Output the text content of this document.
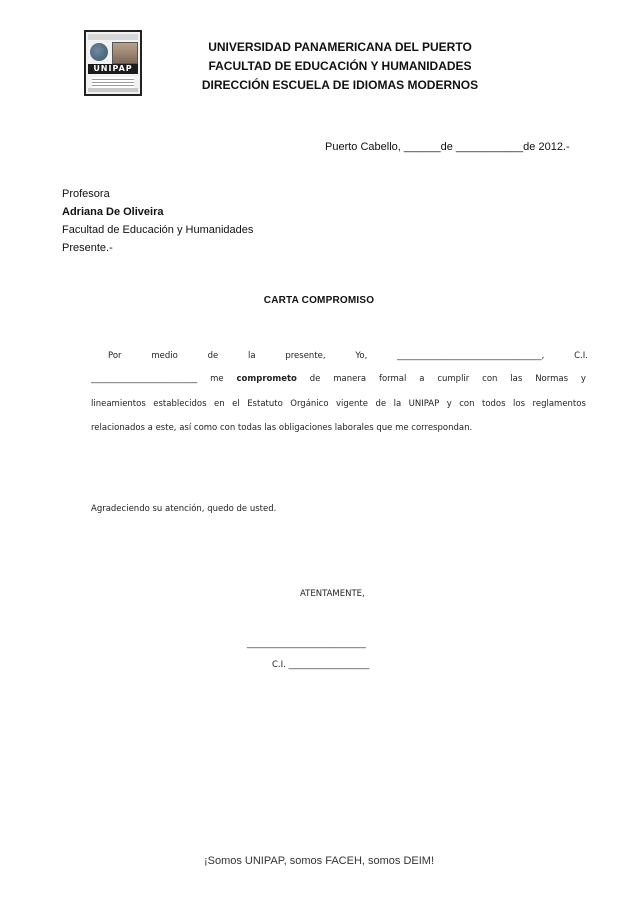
UNIPAP
UNIVERSIDAD PANAMERICANA DEL PUERTO
FACULTAD DE EDUCACIÓN Y HUMANIDADES
DIRECCIÓN ESCUELA DE IDIOMAS MODERNOS
Puerto Cabello, ______de ___________de 2012.-
Profesora
Adriana De Oliveira
Facultad de Educación y Humanidades
Presente.-
CARTA COMPROMISO
Por	medio	de	la	presente,	Yo,	__________________________________,	C.I.
_________________________ me comprometo de manera formal a cumplir con las Normas y
lineamientos establecidos en el Estatuto Orgánico vigente de la UNIPAP y con todos los reglamentos
relacionados a este, así como con todas las obligaciones laborales que me correspondan.
Agradeciendo su atención, quedo de usted.
ATENTAMENTE,
____________________________
C.I. ___________________
¡Somos UNIPAP, somos FACEH, somos DEIM!
